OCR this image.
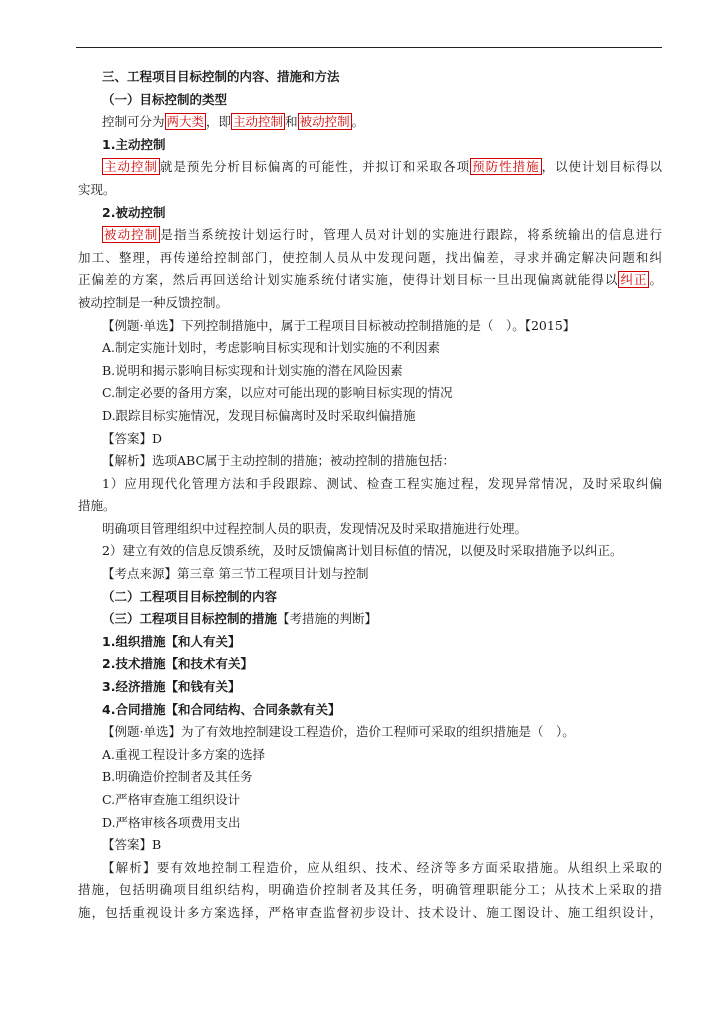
三、工程项目目标控制的内容、措施和方法
（一）目标控制的类型
控制可分为 两大类 ，即 主动控制 和 被动控制 。
1.主动控制
主动控制 就是预先分析目标偏离的可能性，并拟订和采取各项 预防性措施 ，以使计划目标得以
实现。
2.被动控制
被动控制 是指当系统按计划运行时，管理人员对计划的实施进行跟踪，将系统输出的信息进行
加工、整理，再传递给控制部门，使控制人员从中发现问题，找出偏差，寻求并确定解决问题和纠
正偏差的方案，然后再回送给计划实施系统付诸实施，使得计划目标一旦出现偏离就能得以 纠正 。
被动控制是一种反馈控制。
【例题·单选】下列控制措施中，属于工程项目目标被动控制措施的是（　）。【2015】
A.制定实施计划时，考虑影响目标实现和计划实施的不利因素
B.说明和揭示影响目标实现和计划实施的潜在风险因素
C.制定必要的备用方案，以应对可能出现的影响目标实现的情况
D.跟踪目标实施情况，发现目标偏离时及时采取纠偏措施
【答案】D
【解析】选项ABC属于主动控制的措施；被动控制的措施包括：
1）应用现代化管理方法和手段跟踪、测试、检查工程实施过程，发现异常情况，及时采取纠偏
措施。
明确项目管理组织中过程控制人员的职责，发现情况及时采取措施进行处理。
2）建立有效的信息反馈系统，及时反馈偏离计划目标值的情况，以便及时采取措施予以纠正。
【考点来源】第三章 第三节工程项目计划与控制
（二）工程项目目标控制的内容
（三）工程项目目标控制的措施【考措施的判断】
1.组织措施【和人有关】
2.技术措施【和技术有关】
3.经济措施【和钱有关】
4.合同措施【和合同结构、合同条款有关】
【例题·单选】为了有效地控制建设工程造价，造价工程师可采取的组织措施是（　）。
A.重视工程设计多方案的选择
B.明确造价控制者及其任务
C.严格审查施工组织设计
D.严格审核各项费用支出
【答案】B
【解析】要有效地控制工程造价，应从组织、技术、经济等多方面采取措施。从组织上采取的
措施，包括明确项目组织结构，明确造价控制者及其任务，明确管理职能分工；从技术上采取的措
施，包括重视设计多方案选择，严格审查监督初步设计、技术设计、施工图设计、施工组织设计，
